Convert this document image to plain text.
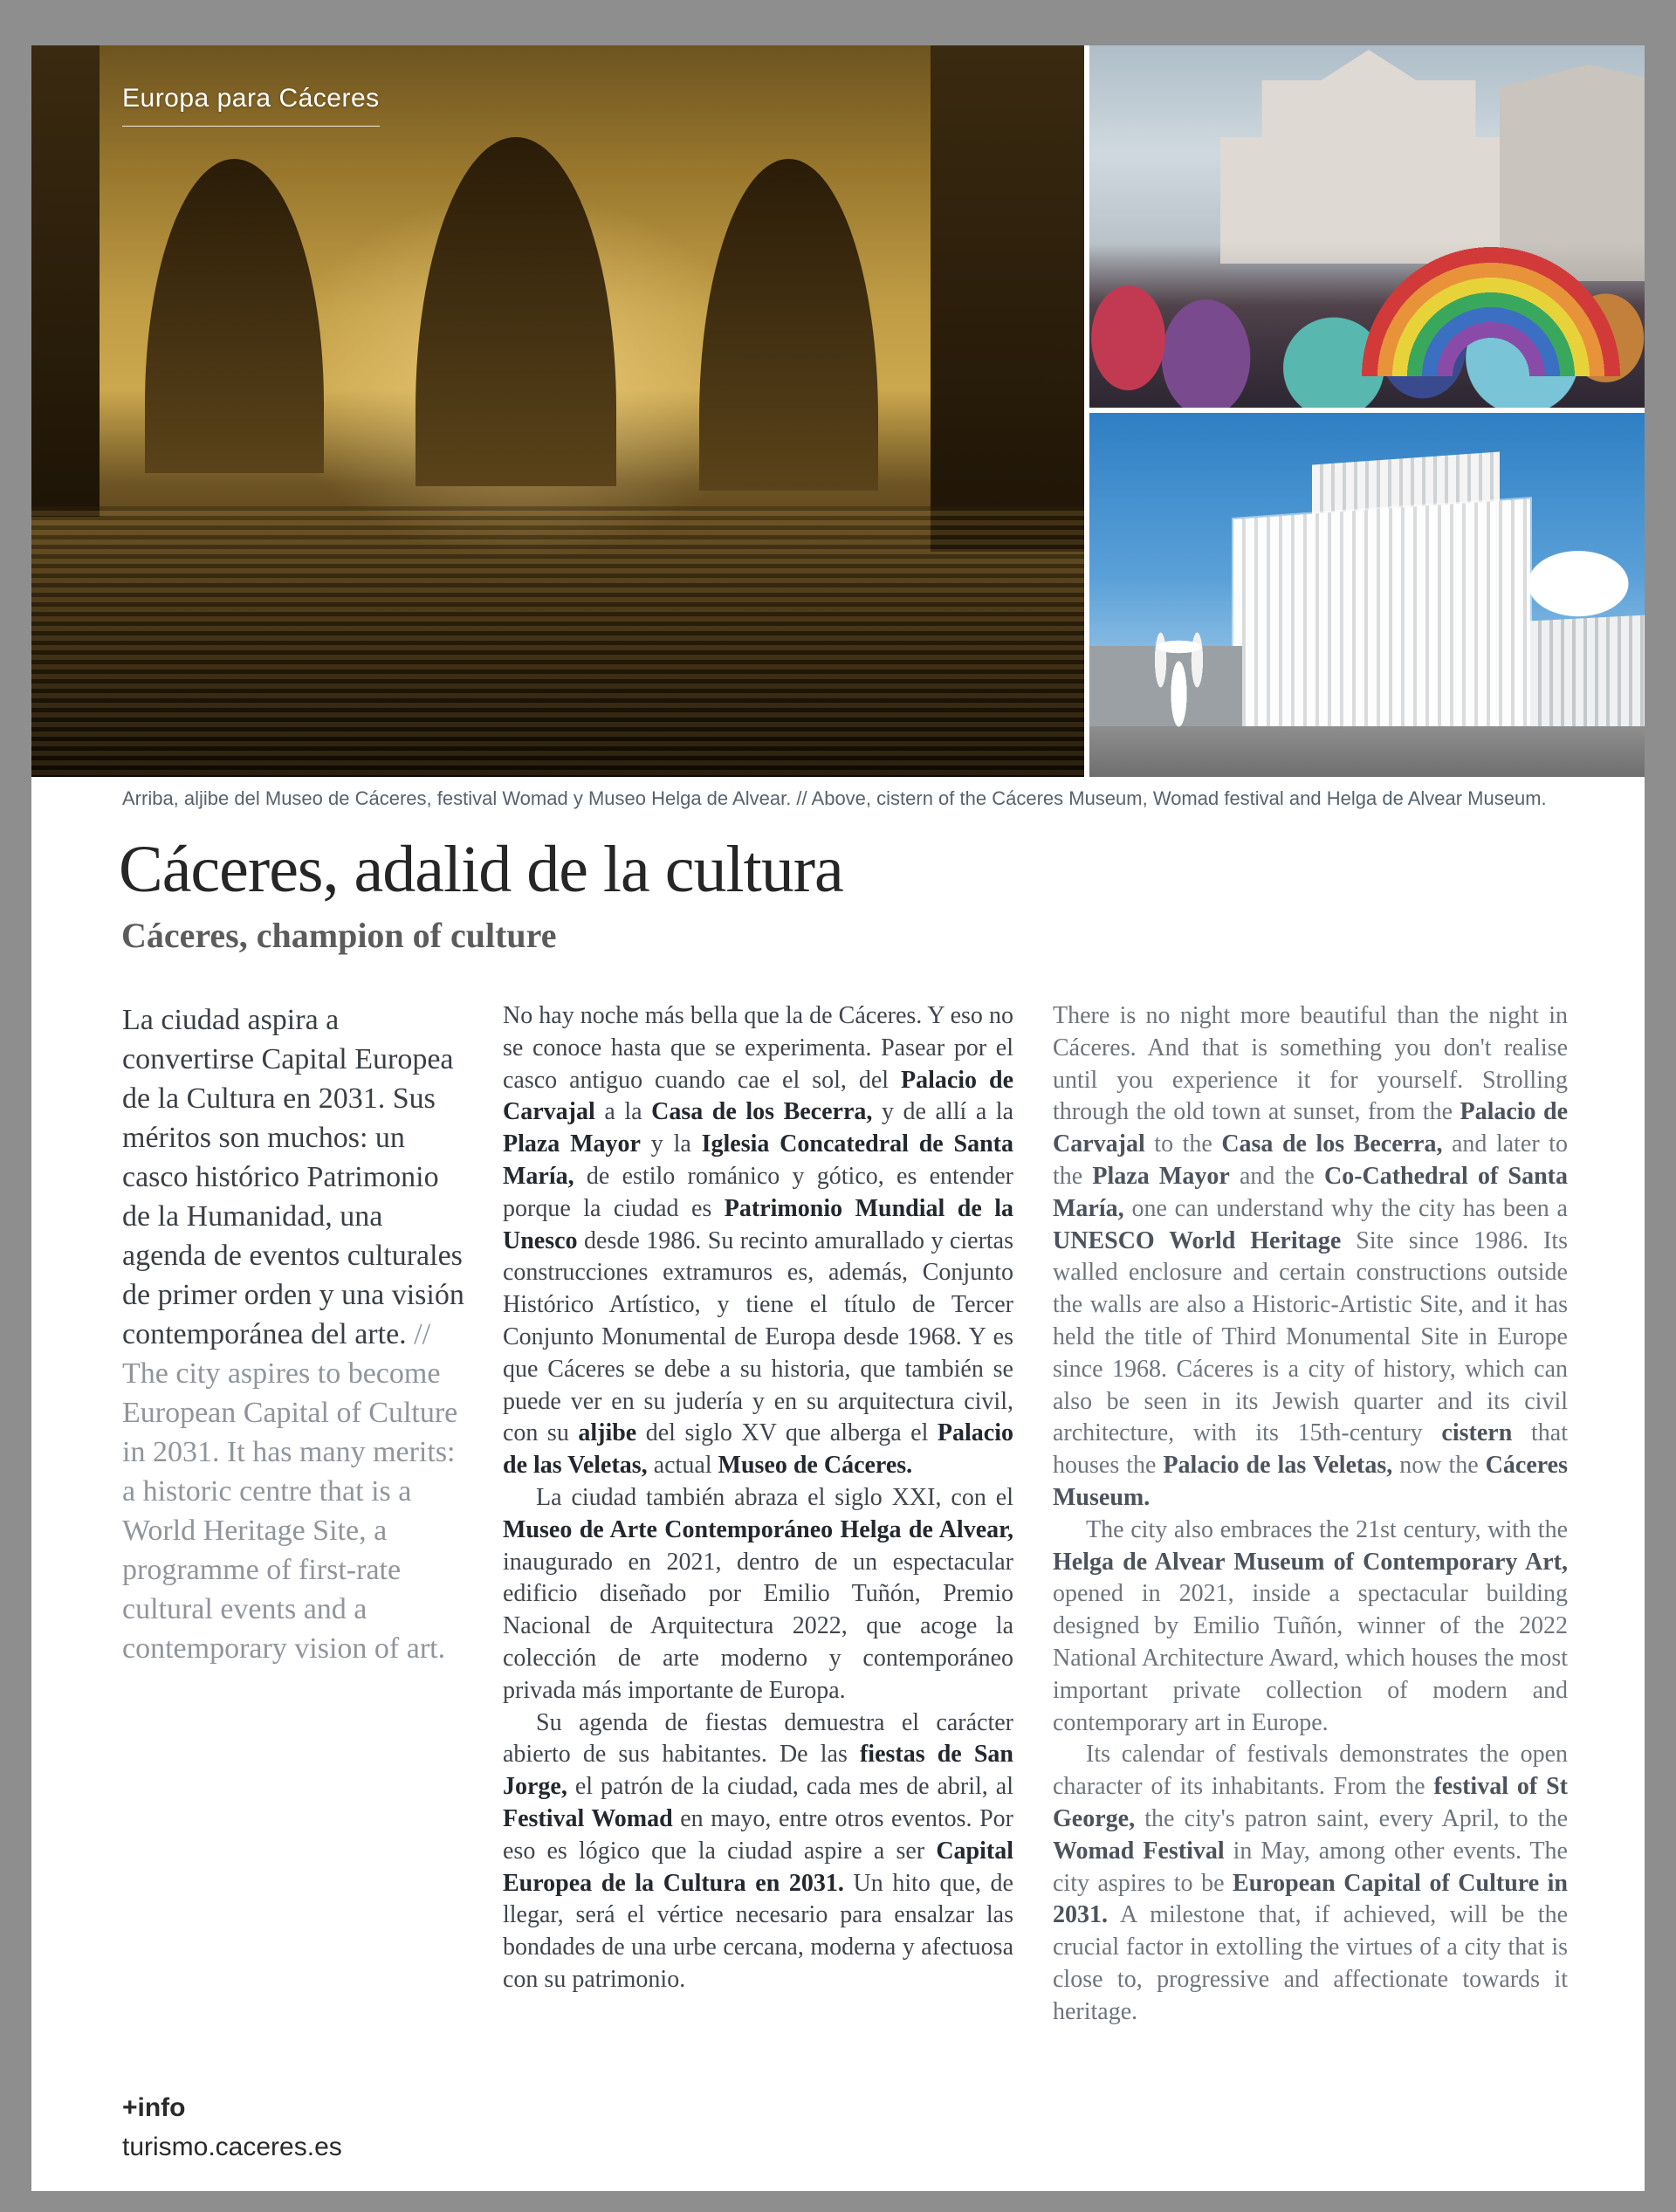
Europa para Cáceres
Arriba, aljibe del Museo de Cáceres, festival Womad y Museo Helga de Alvear. // Above, cistern of the Cáceres Museum, Womad festival and Helga de Alvear Museum.
Cáceres, adalid de la cultura
Cáceres, champion of culture

La ciudad aspira a convertirse Capital Europea de la Cultura en 2031. Sus méritos son muchos: un casco histórico Patrimonio de la Humanidad, una agenda de eventos culturales de primer orden y una visión contemporánea del arte. // The city aspires to become European Capital of Culture in 2031. It has many merits: a historic centre that is a World Heritage Site, a programme of first-rate cultural events and a contemporary vision of art.

No hay noche más bella que la de Cáceres. Y eso no se conoce hasta que se experimenta. Pasear por el casco antiguo cuando cae el sol, del Palacio de Carvajal a la Casa de los Becerra, y de allí a la Plaza Mayor y la Iglesia Concatedral de Santa María, de estilo románico y gótico, es entender porque la ciudad es Patrimonio Mundial de la Unesco desde 1986. Su recinto amurallado y ciertas construcciones extramuros es, además, Conjunto Histórico Artístico, y tiene el título de Tercer Conjunto Monumental de Europa desde 1968. Y es que Cáceres se debe a su historia, que también se puede ver en su judería y en su arquitectura civil, con su aljibe del siglo XV que alberga el Palacio de las Veletas, actual Museo de Cáceres.

La ciudad también abraza el siglo XXI, con el Museo de Arte Contemporáneo Helga de Alvear, inaugurado en 2021, dentro de un espectacular edificio diseñado por Emilio Tuñón, Premio Nacional de Arquitectura 2022, que acoge la colección de arte moderno y contemporáneo privada más importante de Europa.

Su agenda de fiestas demuestra el carácter abierto de sus habitantes. De las fiestas de San Jorge, el patrón de la ciudad, cada mes de abril, al Festival Womad en mayo, entre otros eventos. Por eso es lógico que la ciudad aspire a ser Capital Europea de la Cultura en 2031. Un hito que, de llegar, será el vértice necesario para ensalzar las bondades de una urbe cercana, moderna y afectuosa con su patrimonio.

There is no night more beautiful than the night in Cáceres. And that is something you don't realise until you experience it for yourself. Strolling through the old town at sunset, from the Palacio de Carvajal to the Casa de los Becerra, and later to the Plaza Mayor and the Co-Cathedral of Santa María, one can understand why the city has been a UNESCO World Heritage Site since 1986. Its walled enclosure and certain constructions outside the walls are also a Historic-Artistic Site, and it has held the title of Third Monumental Site in Europe since 1968. Cáceres is a city of history, which can also be seen in its Jewish quarter and its civil architecture, with its 15th-century cistern that houses the Palacio de las Veletas, now the Cáceres Museum.

The city also embraces the 21st century, with the Helga de Alvear Museum of Contemporary Art, opened in 2021, inside a spectacular building designed by Emilio Tuñón, winner of the 2022 National Architecture Award, which houses the most important private collection of modern and contemporary art in Europe.

Its calendar of festivals demonstrates the open character of its inhabitants. From the festival of St George, the city's patron saint, every April, to the Womad Festival in May, among other events. The city aspires to be European Capital of Culture in 2031. A milestone that, if achieved, will be the crucial factor in extolling the virtues of a city that is close to, progressive and affectionate towards it heritage.

+info
turismo.caceres.es
